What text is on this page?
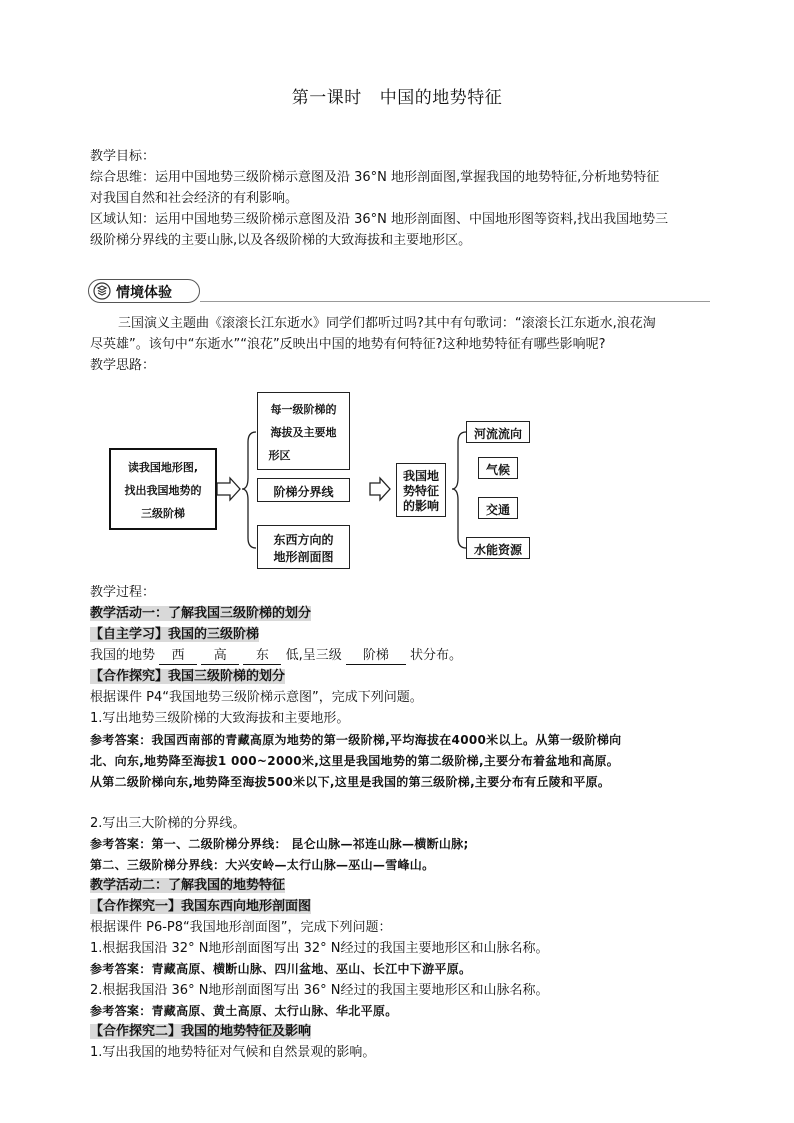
第一课时 中国的地势特征
教学目标：
综合思维：运用中国地势三级阶梯示意图及沿 36°N 地形剖面图,掌握我国的地势特征,分析地势特征
对我国自然和社会经济的有利影响。
区域认知：运用中国地势三级阶梯示意图及沿 36°N 地形剖面图、中国地形图等资料,找出我国地势三
级阶梯分界线的主要山脉,以及各级阶梯的大致海拔和主要地形区。
情境体验
三国演义主题曲《滚滚长江东逝水》同学们都听过吗?其中有句歌词：“滚滚长江东逝水,浪花淘
尽英雄”。该句中“东逝水”“浪花”反映出中国的地势有何特征?这种地势特征有哪些影响呢?
教学思路：
读我国地形图,
找出我国地势的
三级阶梯
每一级阶梯的
海拔及主要地
形区
阶梯分界线
东西方向的
地形剖面图
我国地
势特征
的影响
河流流向
气候
交通
水能资源
教学过程：
教学活动一：了解我国三级阶梯的划分
【自主学习】我国的三级阶梯
我国的地势 西 高 东 低,呈三级 阶梯 状分布。
【合作探究】我国三级阶梯的划分
根据课件 P4“我国地势三级阶梯示意图”，完成下列问题。
1.写出地势三级阶梯的大致海拔和主要地形。
参考答案：我国西南部的青藏高原为地势的第一级阶梯,平均海拔在4000米以上。从第一级阶梯向
北、向东,地势降至海拔1 000~2000米,这里是我国地势的第二级阶梯,主要分布着盆地和高原。
从第二级阶梯向东,地势降至海拔500米以下,这里是我国的第三级阶梯,主要分布有丘陵和平原。
2.写出三大阶梯的分界线。
参考答案：第一、二级阶梯分界线： 昆仑山脉—祁连山脉—横断山脉;
第二、三级阶梯分界线：大兴安岭—太行山脉—巫山—雪峰山。
教学活动二：了解我国的地势特征
【合作探究一】我国东西向地形剖面图
根据课件 P6-P8“我国地形剖面图”，完成下列问题：
1.根据我国沿 32° N地形剖面图写出 32° N经过的我国主要地形区和山脉名称。
参考答案：青藏高原、横断山脉、四川盆地、巫山、长江中下游平原。
2.根据我国沿 36° N地形剖面图写出 36° N经过的我国主要地形区和山脉名称。
参考答案：青藏高原、黄土高原、太行山脉、华北平原。
【合作探究二】我国的地势特征及影响
1.写出我国的地势特征对气候和自然景观的影响。
